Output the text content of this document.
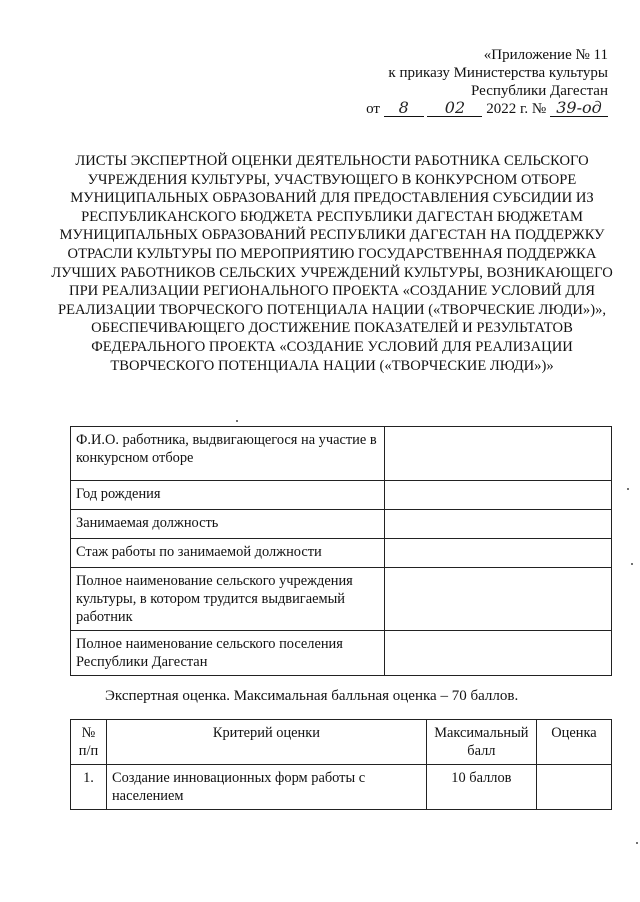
«Приложение № 11
к приказу Министерства культуры
Республики Дагестан
от 8 02 2022 г. № 39-од
ЛИСТЫ ЭКСПЕРТНОЙ ОЦЕНКИ ДЕЯТЕЛЬНОСТИ РАБОТНИКА СЕЛЬСКОГО УЧРЕЖДЕНИЯ КУЛЬТУРЫ, УЧАСТВУЮЩЕГО В КОНКУРСНОМ ОТБОРЕ МУНИЦИПАЛЬНЫХ ОБРАЗОВАНИЙ ДЛЯ ПРЕДОСТАВЛЕНИЯ СУБСИДИИ ИЗ РЕСПУБЛИКАНСКОГО БЮДЖЕТА РЕСПУБЛИКИ ДАГЕСТАН БЮДЖЕТАМ МУНИЦИПАЛЬНЫХ ОБРАЗОВАНИЙ РЕСПУБЛИКИ ДАГЕСТАН НА ПОДДЕРЖКУ ОТРАСЛИ КУЛЬТУРЫ ПО МЕРОПРИЯТИЮ ГОСУДАРСТВЕННАЯ ПОДДЕРЖКА ЛУЧШИХ РАБОТНИКОВ СЕЛЬСКИХ УЧРЕЖДЕНИЙ КУЛЬТУРЫ, ВОЗНИКАЮЩЕГО ПРИ РЕАЛИЗАЦИИ РЕГИОНАЛЬНОГО ПРОЕКТА «СОЗДАНИЕ УСЛОВИЙ ДЛЯ РЕАЛИЗАЦИИ ТВОРЧЕСКОГО ПОТЕНЦИАЛА НАЦИИ («ТВОРЧЕСКИЕ ЛЮДИ»)», ОБЕСПЕЧИВАЮЩЕГО ДОСТИЖЕНИЕ ПОКАЗАТЕЛЕЙ И РЕЗУЛЬТАТОВ ФЕДЕРАЛЬНОГО ПРОЕКТА «СОЗДАНИЕ УСЛОВИЙ ДЛЯ РЕАЛИЗАЦИИ ТВОРЧЕСКОГО ПОТЕНЦИАЛА НАЦИИ («ТВОРЧЕСКИЕ ЛЮДИ»)»
Ф.И.О. работника, выдвигающегося на участие в конкурсном отборе	
Год рождения	
Занимаемая должность	
Стаж работы по занимаемой должности	
Полное наименование сельского учреждения культуры, в котором трудится выдвигаемый работник	
Полное наименование сельского поселения Республики Дагестан	
Экспертная оценка. Максимальная балльная оценка – 70 баллов.
№ п/п	Критерий оценки	Максимальный балл	Оценка
1.	Создание инновационных форм работы с населением	10 баллов	
